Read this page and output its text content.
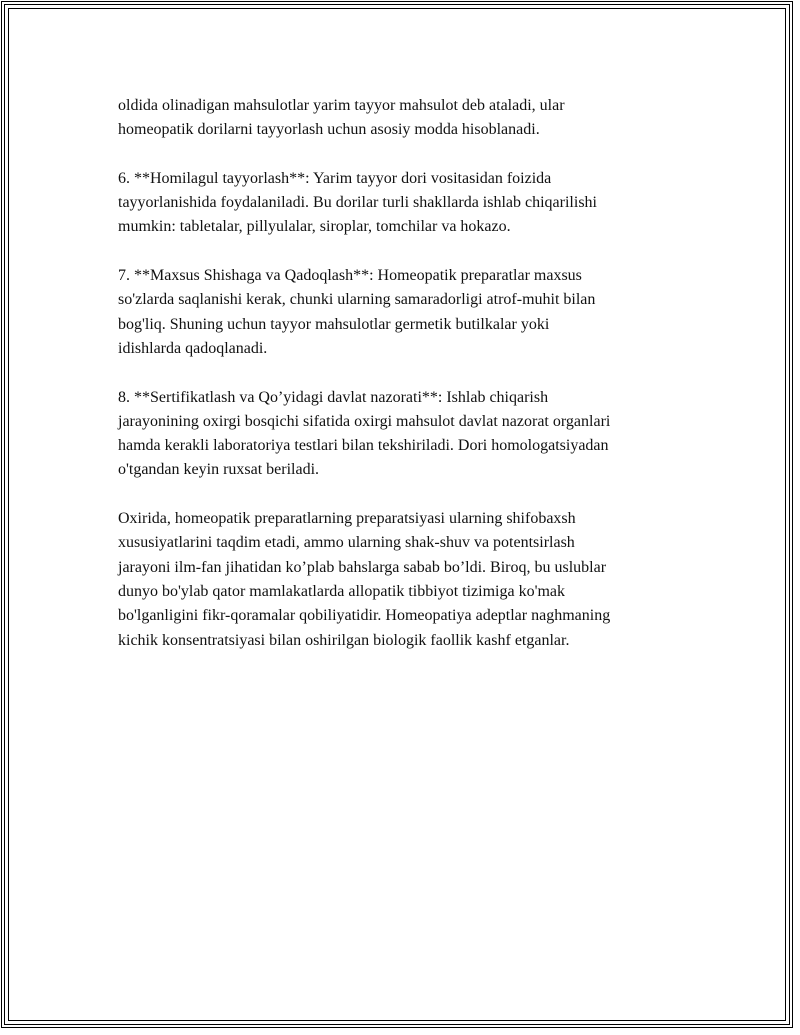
oldida olinadigan mahsulotlar yarim tayyor mahsulot deb ataladi, ular
homeopatik dorilarni tayyorlash uchun asosiy modda hisoblanadi.

6. **Homilagul tayyorlash**: Yarim tayyor dori vositasidan foizida
tayyorlanishida foydalaniladi. Bu dorilar turli shakllarda ishlab chiqarilishi
mumkin: tabletalar, pillyulalar, siroplar, tomchilar va hokazo.

7. **Maxsus Shishaga va Qadoqlash**: Homeopatik preparatlar maxsus
so'zlarda saqlanishi kerak, chunki ularning samaradorligi atrof-muhit bilan
bog'liq. Shuning uchun tayyor mahsulotlar germetik butilkalar yoki
idishlarda qadoqlanadi.

8. **Sertifikatlash va Qo’yidagi davlat nazorati**: Ishlab chiqarish
jarayonining oxirgi bosqichi sifatida oxirgi mahsulot davlat nazorat organlari
hamda kerakli laboratoriya testlari bilan tekshiriladi. Dori homologatsiyadan
o'tgandan keyin ruxsat beriladi.

Oxirida, homeopatik preparatlarning preparatsiyasi ularning shifobaxsh
xususiyatlarini taqdim etadi, ammo ularning shak-shuv va potentsirlash
jarayoni ilm-fan jihatidan ko’plab bahslarga sabab bo’ldi. Biroq, bu uslublar
dunyo bo'ylab qator mamlakatlarda allopatik tibbiyot tizimiga ko'mak
bo'lganligini fikr-qoramalar qobiliyatidir. Homeopatiya adeptlar naghmaning
kichik konsentratsiyasi bilan oshirilgan biologik faollik kashf etganlar.
